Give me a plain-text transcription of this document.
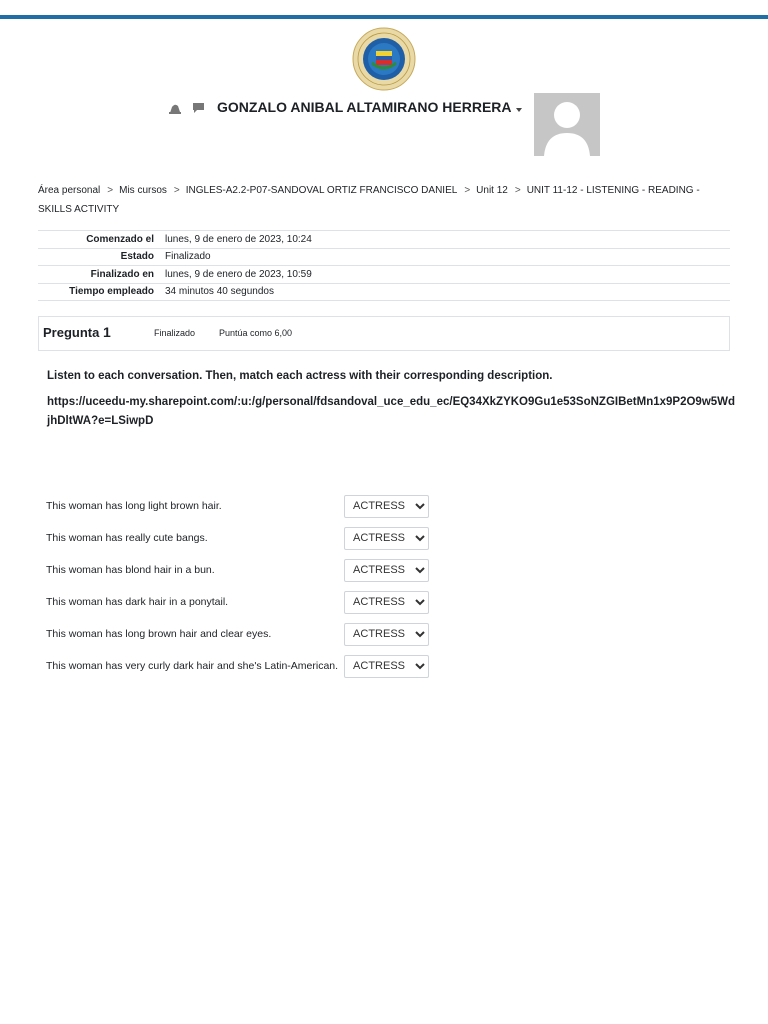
GONZALO ANIBAL ALTAMIRANO HERRERA
Área personal > Mis cursos > INGLES-A2.2-P07-SANDOVAL ORTIZ FRANCISCO DANIEL > Unit 12 > UNIT 11-12 - LISTENING - READING - SKILLS ACTIVITY
Comenzado el	lunes, 9 de enero de 2023, 10:24
Estado	Finalizado
Finalizado en	lunes, 9 de enero de 2023, 10:59
Tiempo empleado	34 minutos 40 segundos
Pregunta 1	Finalizado	Puntúa como 6,00
Listen to each conversation. Then, match each actress with their corresponding description.
https://uceedu-my.sharepoint.com/:u:/g/personal/fdsandoval_uce_edu_ec/EQ34XkZYKO9Gu1e53SoNZGIBetMn1x9P2O9w5WdjhDltWA?e=LSiwpD
This woman has long light brown hair.	
ACTRESS 6
This woman has really cute bangs.	
ACTRESS 3
This woman has blond hair in a bun.	
ACTRESS 2
This woman has dark hair in a ponytail.	
ACTRESS 1
This woman has long brown hair and clear eyes.	
ACTRESS 4
This woman has very curly dark hair and she's Latin-American.	
ACTRESS 5
